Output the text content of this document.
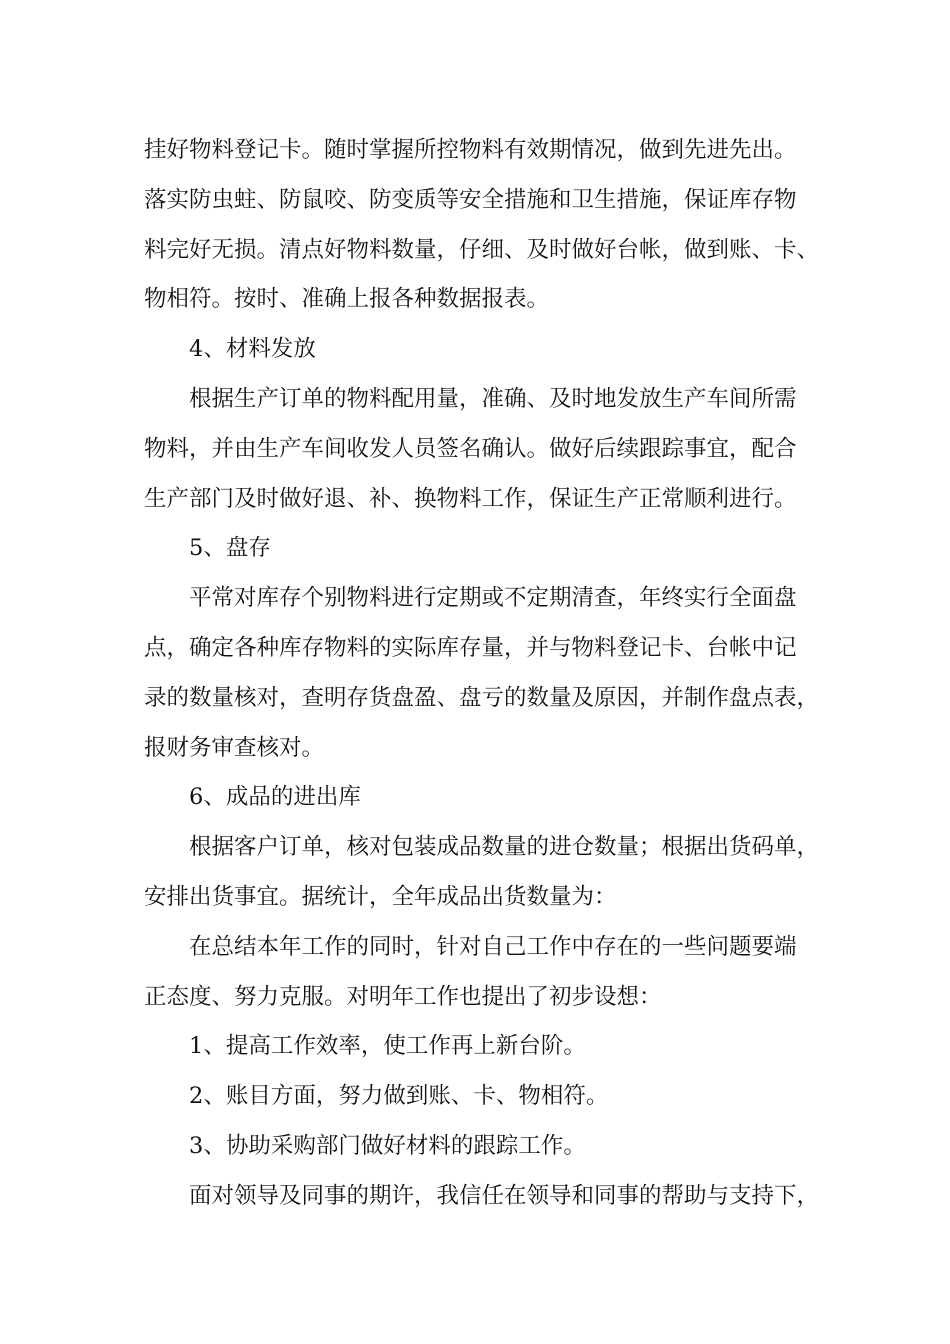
挂好物料登记卡。随时掌握所控物料有效期情况，做到先进先出。
落实防虫蛀、防鼠咬、防变质等安全措施和卫生措施，保证库存物
料完好无损。清点好物料数量，仔细、及时做好台帐，做到账、卡、
物相符。按时、准确上报各种数据报表。
4、材料发放
根据生产订单的物料配用量，准确、及时地发放生产车间所需
物料，并由生产车间收发人员签名确认。做好后续跟踪事宜，配合
生产部门及时做好退、补、换物料工作，保证生产正常顺利进行。
5、盘存
平常对库存个别物料进行定期或不定期清查，年终实行全面盘
点，确定各种库存物料的实际库存量，并与物料登记卡、台帐中记
录的数量核对，查明存货盘盈、盘亏的数量及原因，并制作盘点表，
报财务审查核对。
6、成品的进出库
根据客户订单，核对包装成品数量的进仓数量；根据出货码单，
安排出货事宜。据统计，全年成品出货数量为：
在总结本年工作的同时，针对自己工作中存在的一些问题要端
正态度、努力克服。对明年工作也提出了初步设想：
1、提高工作效率，使工作再上新台阶。
2、账目方面，努力做到账、卡、物相符。
3、协助采购部门做好材料的跟踪工作。
面对领导及同事的期许，我信任在领导和同事的帮助与支持下，
